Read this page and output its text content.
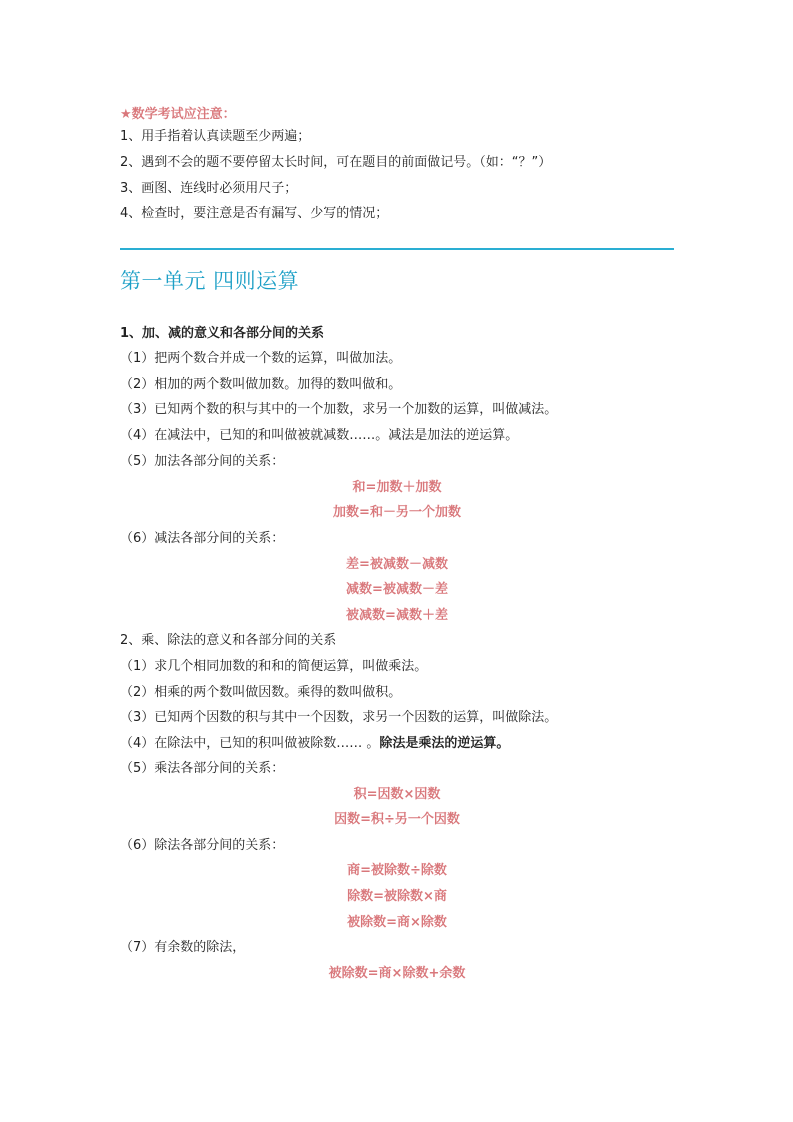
★数学考试应注意：
1、用手指着认真读题至少两遍；
2、遇到不会的题不要停留太长时间，可在题目的前面做记号。（如：“？”）
3、画图、连线时必须用尺子；
4、检查时，要注意是否有漏写、少写的情况；
第一单元 四则运算
1、加、减的意义和各部分间的关系
（1）把两个数合并成一个数的运算，叫做加法。
（2）相加的两个数叫做加数。加得的数叫做和。
（3）已知两个数的积与其中的一个加数，求另一个加数的运算，叫做减法。
（4）在减法中，已知的和叫做被就减数……。减法是加法的逆运算。
（5）加法各部分间的关系：
和=加数＋加数
加数=和－另一个加数
（6）减法各部分间的关系：
差=被减数－减数
减数=被减数－差
被减数=减数＋差
2、乘、除法的意义和各部分间的关系
（1）求几个相同加数的和和的简便运算，叫做乘法。
（2）相乘的两个数叫做因数。乘得的数叫做积。
（3）已知两个因数的积与其中一个因数，求另一个因数的运算，叫做除法。
（4）在除法中，已知的积叫做被除数…… 。除法是乘法的逆运算。
（5）乘法各部分间的关系：
积=因数×因数
因数=积÷另一个因数
（6）除法各部分间的关系：
商=被除数÷除数
除数=被除数×商
被除数=商×除数
（7）有余数的除法，
被除数=商×除数+余数
